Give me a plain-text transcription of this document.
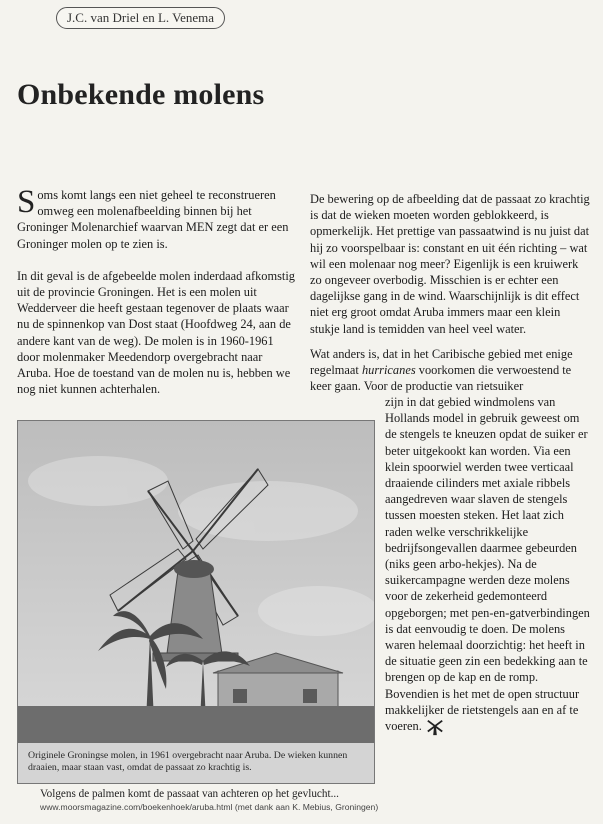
J.C. van Driel en L. Venema
Onbekende molens

Soms komt langs een niet geheel te reconstrueren omweg een molenafbeelding binnen bij het Groninger Molenarchief waarvan MEN zegt dat er een Groninger molen op te zien is.

In dit geval is de afgebeelde molen inderdaad afkomstig uit de provincie Groningen. Het is een molen uit Wedderveer die heeft gestaan tegenover de plaats waar nu de spinnenkop van Dost staat (Hoofdweg 24, aan de andere kant van de weg). De molen is in 1960-1961 door molenmaker Meedendorp overgebracht naar Aruba. Hoe de toestand van de molen nu is, hebben we nog niet kunnen achterhalen.

De bewering op de afbeelding dat de passaat zo krachtig is dat de wieken moeten worden geblokkeerd, is opmerkelijk. Het prettige van passaatwind is nu juist dat hij zo voorspelbaar is: constant en uit één richting – wat wil een molenaar nog meer? Eigenlijk is een kruiwerk zo ongeveer overbodig. Misschien is er echter een dagelijkse gang in de wind. Waarschijnlijk is dit effect niet erg groot omdat Aruba immers maar een klein stukje land is temidden van heel veel water.

Wat anders is, dat in het Caribische gebied met enige regelmaat hurricanes voorkomen die verwoestend te keer gaan. Voor de productie van rietsuiker
zijn in dat gebied windmolens van Hollands model in gebruik geweest om de stengels te kneuzen opdat de suiker er beter uitgekookt kan worden. Via een klein spoorwiel werden twee verticaal draaiende cilinders met axiale ribbels aangedreven waar slaven de stengels tussen moesten steken. Het laat zich raden welke verschrikkelijke bedrijfsongevallen daarmee gebeurden (niks geen arbo-hekjes). Na de suikercampagne werden deze molens voor de zekerheid gedemonteerd opgeborgen; met pen-en-gatverbindingen is dat eenvoudig te doen. De molens waren helemaal doorzichtig: het heeft in de situatie geen zin een bedekking aan te brengen op de kap en de romp. Bovendien is het met de open structuur makkelijker de rietstengels aan en af te voeren.
Originele Groningse molen, in 1961 overgebracht naar Aruba. De wieken kunnen draaien, maar staan vast, omdat de passaat zo krachtig is.
Volgens de palmen komt de passaat van achteren op het gevlucht...
www.moorsmagazine.com/boekenhoek/aruba.html (met dank aan K. Mebius, Groningen)
